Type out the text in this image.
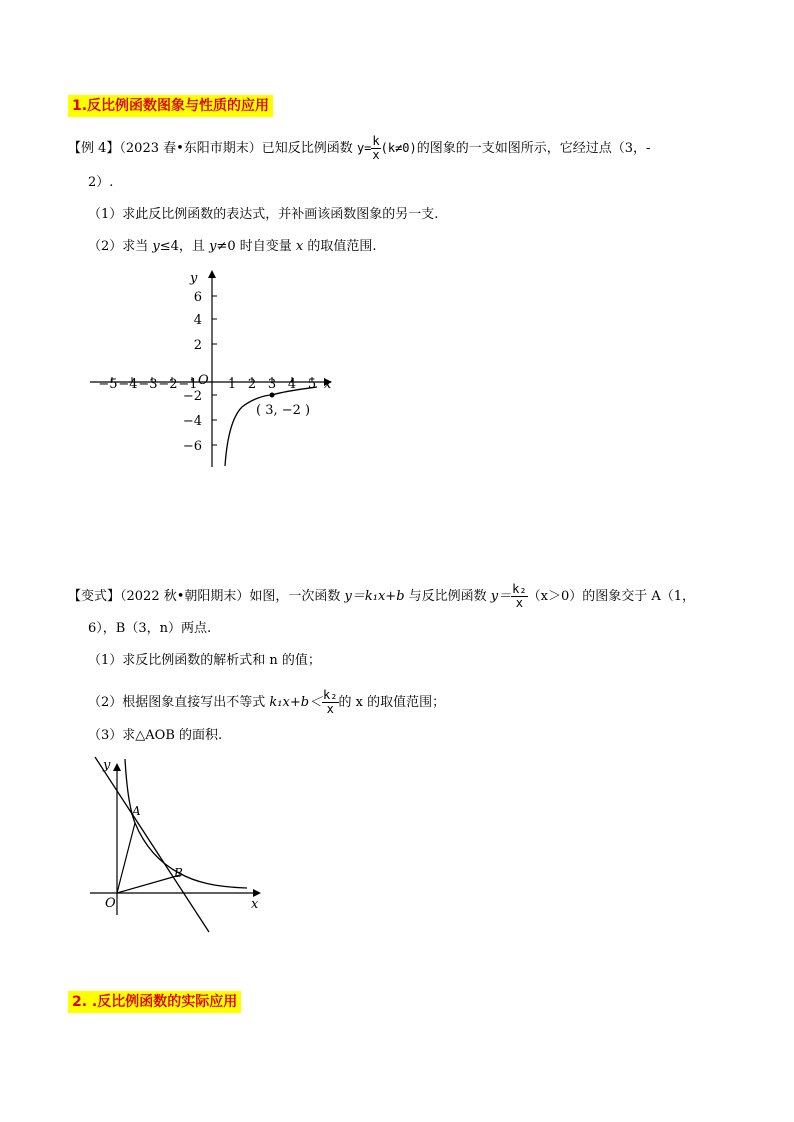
1.反比例函数图象与性质的应用
【例 4】（2023 春•东阳市期末）已知反比例函数 $y= \frac{k}{x} (k\ne 0)$的图象的一支如图所示，它经过点（3，-
2）.
（1）求此反比例函数的表达式，并补画该函数图象的另一支.
（2）求当 y≤4，且 y≠0 时自变量 x 的取值范围.
y
x
O
6
4
2
−2
−4
−6
−5 −4 −3 −2 −1 1 2 3 4 5
( 3, −2 )
【变式】（2022 秋•朝阳期末）如图，一次函数 y＝k₁x+b 与反比例函数 $y= \frac{\text{k₂}}{x} (x>0)$的图象交于 A（1，
6），B（3，n）两点.
（1）求反比例函数的解析式和 n 的值；
（2）根据图象直接写出不等式 $k_1x+b< \frac{\text{k₂}}{x}$ 的 x 的取值范围；
（3）求△AOB 的面积.
y
x
O
A
B
2. .反比例函数的实际应用
